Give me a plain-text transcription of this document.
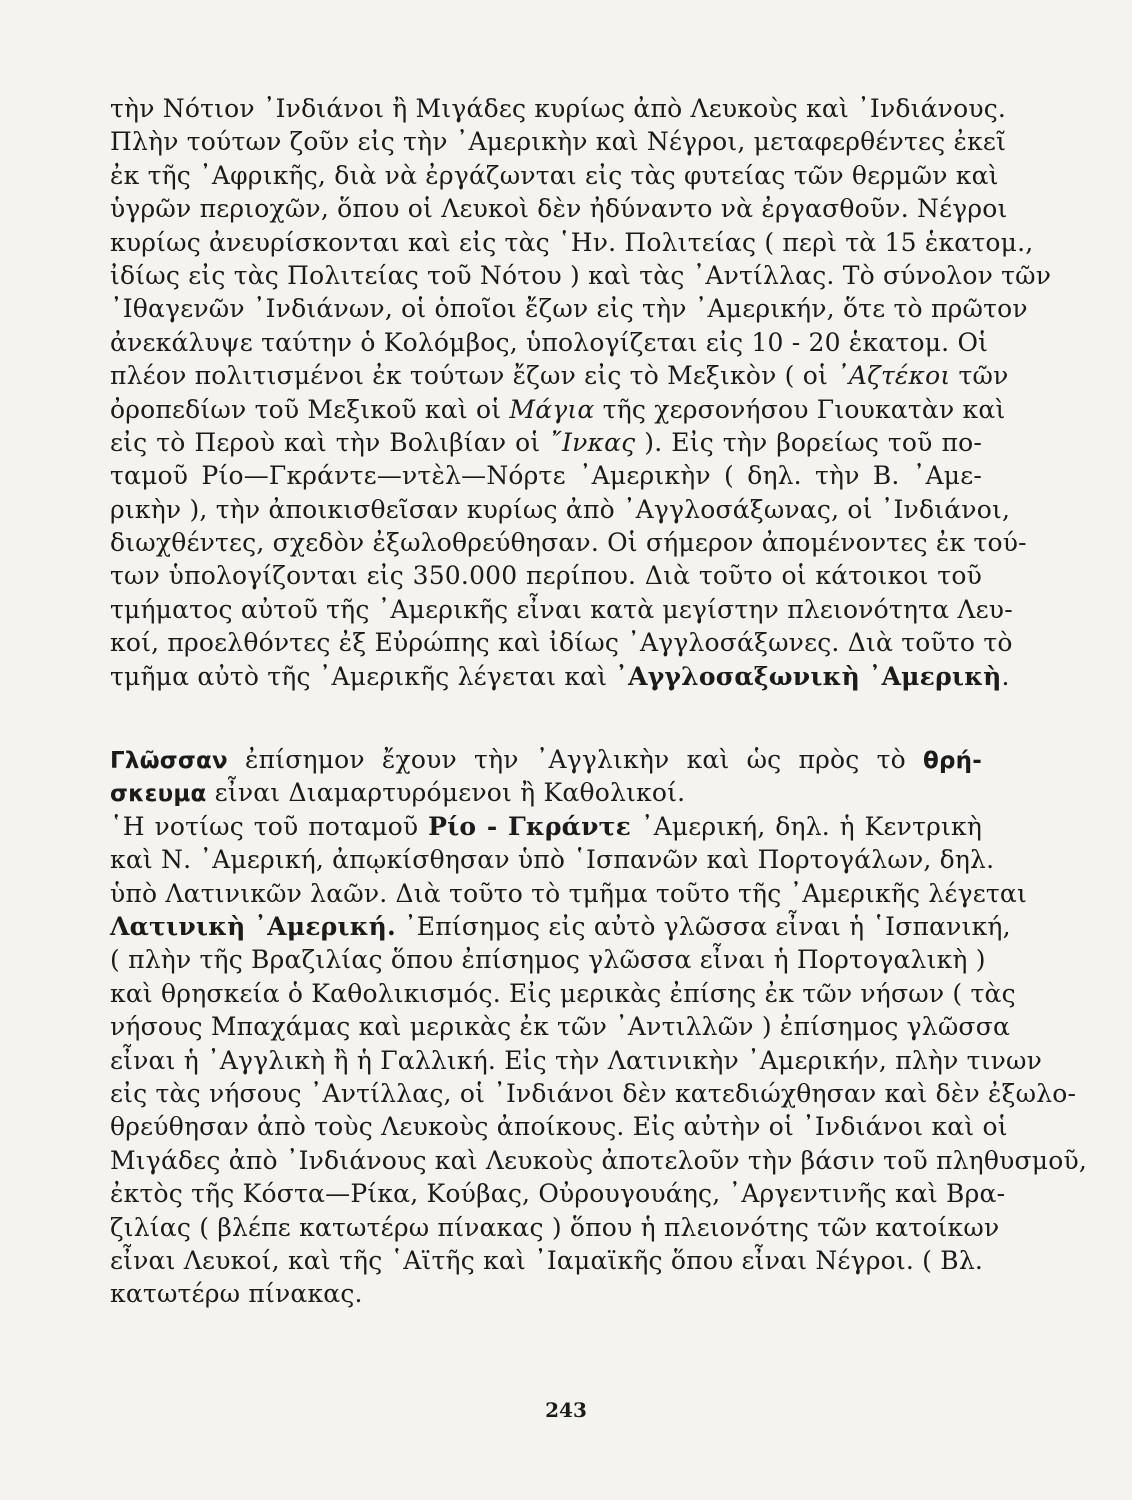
τὴν Νότιον ᾿Ινδιάνοι ἢ Μιγάδες κυρίως ἀπὸ Λευκοὺς καὶ ᾿Ινδιάνους.
Πλὴν τούτων ζοῦν εἰς τὴν ᾿Αμερικὴν καὶ Νέγροι, μεταφερθέντες ἐκεῖ
ἐκ τῆς ᾿Αφρικῆς, διὰ νὰ ἐργάζωνται εἰς τὰς φυτείας τῶν θερμῶν καὶ
ὑγρῶν περιοχῶν, ὅπου οἱ Λευκοὶ δὲν ἠδύναντο νὰ ἐργασθοῦν. Νέγροι
κυρίως ἀνευρίσκονται καὶ εἰς τὰς ῾Ην. Πολιτείας ( περὶ τὰ 15 ἑκατομ.,
ἰδίως εἰς τὰς Πολιτείας τοῦ Νότου ) καὶ τὰς ᾿Αντίλλας. Τὸ σύνολον τῶν
᾿Ιθαγενῶν ᾿Ινδιάνων, οἱ ὁποῖοι ἔζων εἰς τὴν ᾿Αμερικήν, ὅτε τὸ πρῶτον
ἀνεκάλυψε ταύτην ὁ Κολόμβος, ὑπολογίζεται εἰς 10 - 20 ἑκατομ. Οἱ
πλέον πολιτισμένοι ἐκ τούτων ἔζων εἰς τὸ Μεξικὸν ( οἱ ᾿Αζτέκοι τῶν
ὀροπεδίων τοῦ Μεξικοῦ καὶ οἱ Μάγια τῆς χερσονήσου Γιουκατὰν καὶ
εἰς τὸ Περοὺ καὶ τὴν Βολιβίαν οἱ ῎Ινκας ). Εἰς τὴν βορείως τοῦ πο-
ταμοῦ Ρίο—Γκράντε—ντὲλ—Νόρτε ᾿Αμερικὴν ( δηλ. τὴν Β. ᾿Αμε-
ρικὴν ), τὴν ἀποικισθεῖσαν κυρίως ἀπὸ ᾿Αγγλοσάξωνας, οἱ ᾿Ινδιάνοι,
διωχθέντες, σχεδὸν ἐξωλοθρεύθησαν. Οἱ σήμερον ἀπομένοντες ἐκ τού-
των ὑπολογίζονται εἰς 350.000 περίπου. Διὰ τοῦτο οἱ κάτοικοι τοῦ
τμήματος αὐτοῦ τῆς ᾿Αμερικῆς εἶναι κατὰ μεγίστην πλειονότητα Λευ-
κοί, προελθόντες ἐξ Εὐρώπης καὶ ἰδίως ᾿Αγγλοσάξωνες. Διὰ τοῦτο τὸ
τμῆμα αὐτὸ τῆς ᾿Αμερικῆς λέγεται καὶ ᾿Αγγλοσαξωνικὴ ᾿Αμερικὴ.
Γλῶσσαν ἐπίσημον ἔχουν τὴν ᾿Αγγλικὴν καὶ ὡς πρὸς τὸ θρή-
σκευμα εἶναι Διαμαρτυρόμενοι ἢ Καθολικοί.
῾Η νοτίως τοῦ ποταμοῦ Ρίο - Γκράντε ᾿Αμερική, δηλ. ἡ Κεντρικὴ
καὶ Ν. ᾿Αμερική, ἀπῳκίσθησαν ὑπὸ ῾Ισπανῶν καὶ Πορτογάλων, δηλ.
ὑπὸ Λατινικῶν λαῶν. Διὰ τοῦτο τὸ τμῆμα τοῦτο τῆς ᾿Αμερικῆς λέγεται
Λατινικὴ ᾿Αμερική. ᾿Επίσημος εἰς αὐτὸ γλῶσσα εἶναι ἡ ῾Ισπανική,
( πλὴν τῆς Βραζιλίας ὅπου ἐπίσημος γλῶσσα εἶναι ἡ Πορτογαλικὴ )
καὶ θρησκεία ὁ Καθολικισμός. Εἰς μερικὰς ἐπίσης ἐκ τῶν νήσων ( τὰς
νήσους Μπαχάμας καὶ μερικὰς ἐκ τῶν ᾿Αντιλλῶν ) ἐπίσημος γλῶσσα
εἶναι ἡ ᾿Αγγλικὴ ἢ ἡ Γαλλική. Εἰς τὴν Λατινικὴν ᾿Αμερικήν, πλὴν τινων
εἰς τὰς νήσους ᾿Αντίλλας, οἱ ᾿Ινδιάνοι δὲν κατεδιώχθησαν καὶ δὲν ἐξωλο-
θρεύθησαν ἀπὸ τοὺς Λευκοὺς ἀποίκους. Εἰς αὐτὴν οἱ ᾿Ινδιάνοι καὶ οἱ
Μιγάδες ἀπὸ ᾿Ινδιάνους καὶ Λευκοὺς ἀποτελοῦν τὴν βάσιν τοῦ πληθυσμοῦ,
ἐκτὸς τῆς Κόστα—Ρίκα, Κούβας, Οὐρουγουάης, ᾿Αργεντινῆς καὶ Βρα-
ζιλίας ( βλέπε κατωτέρω πίνακας ) ὅπου ἡ πλειονότης τῶν κατοίκων
εἶναι Λευκοί, καὶ τῆς ῾Αϊτῆς καὶ ᾿Ιαμαϊκῆς ὅπου εἶναι Νέγροι. ( Βλ.
κατωτέρω πίνακας.
243
